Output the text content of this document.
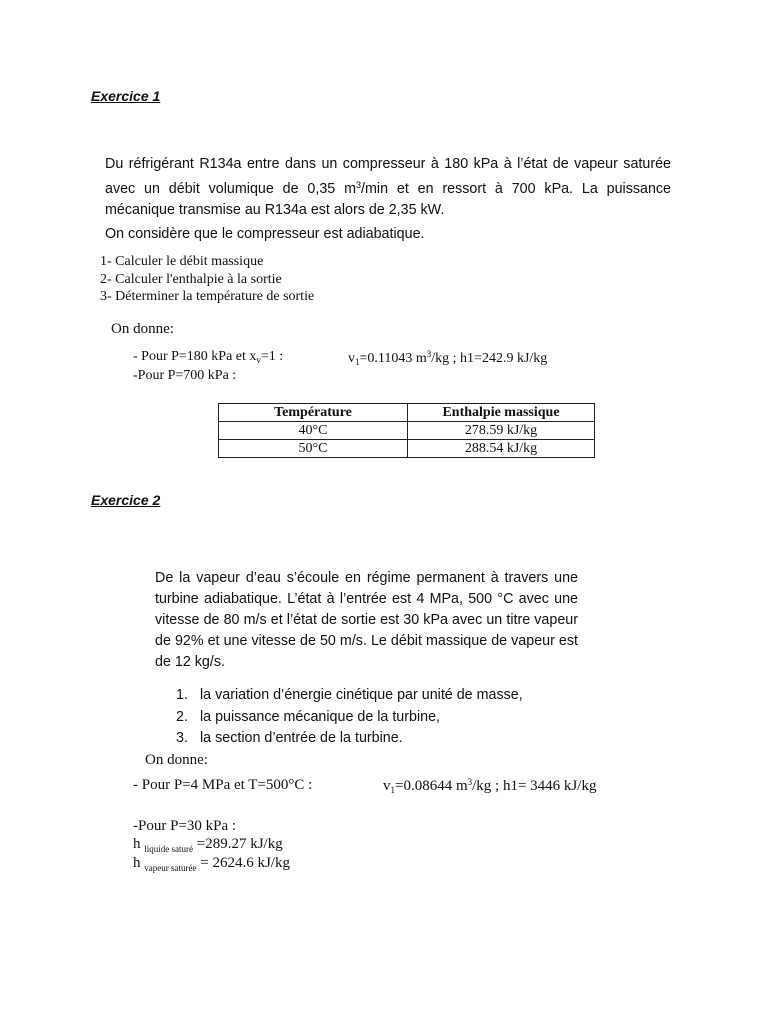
Exercice 1

Du réfrigérant R134a entre dans un compresseur à 180 kPa à l’état de vapeur saturée avec un débit volumique de 0,35 $m^3/\min$ et en ressort à 700 kPa. La puissance mécanique transmise au R134a est alors de 2,35 kW.

On considère que le compresseur est adiabatique.
1- Calculer le débit massique
2- Calculer l'enthalpie à la sortie
3- Déterminer la température de sortie
On donne:
- Pour P=180 kPa et $x_v=1$ :	$v_1=0.11043$ $m^3/kg$ ; h1=242.9 kJ/kg
-Pour P=700 kPa :
Température	Enthalpie massique
40°C	278.59 kJ/kg
50°C	288.54 kJ/kg
Exercice 2

De la vapeur d’eau s’écoule en régime permanent à travers une turbine adiabatique. L’état à l’entrée est 4 MPa, 500 °C avec une vitesse de 80 m/s et l’état de sortie est 30 kPa avec un titre vapeur de 92% et une vitesse de 50 m/s. Le débit massique de vapeur est de 12 kg/s.

1. la variation d’énergie cinétique par unité de masse,
2. la puissance mécanique de la turbine,
3. la section d’entrée de la turbine.
On donne:
- Pour P=4 MPa et T=500°C :	$v_1=0.08644$ $m^3/kg$ ; h1= 3446 kJ/kg
-Pour P=30 kPa :
h $_{liquide saturé}$ =289.27 kJ/kg
h $_{vapeur saturée}$ = 2624.6 kJ/kg
